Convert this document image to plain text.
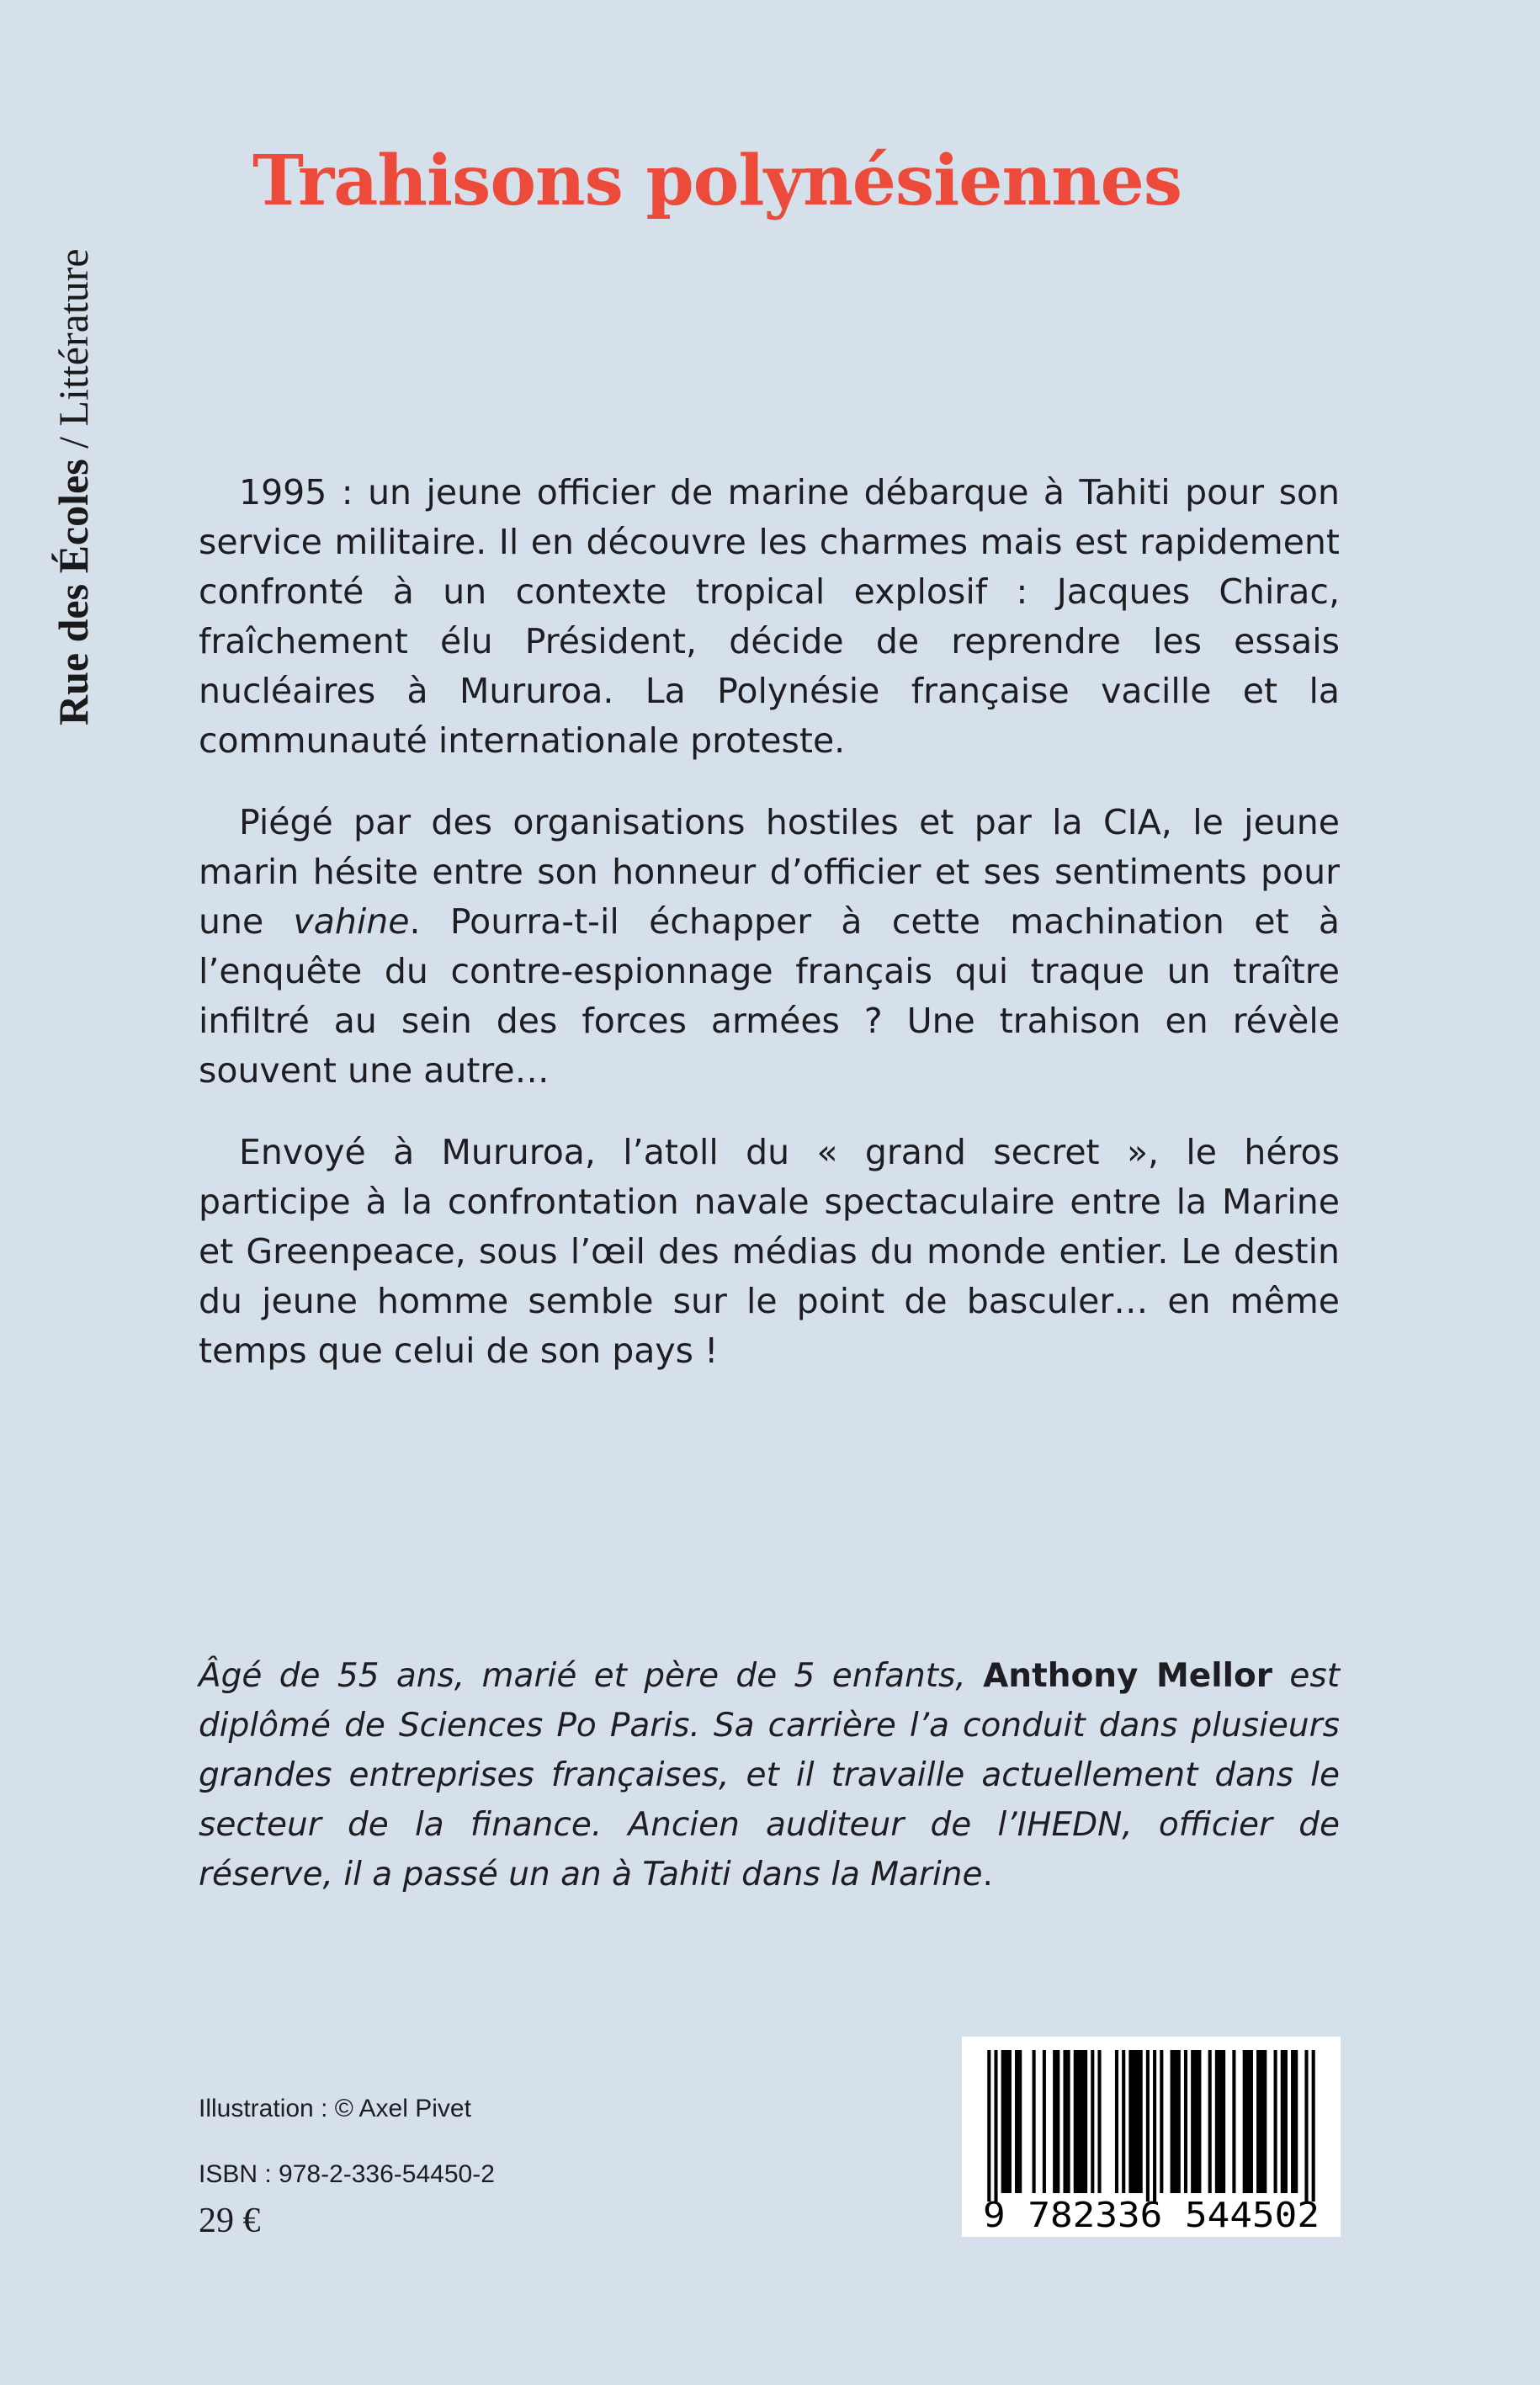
Rue des Écoles / Littérature
Trahisons polynésiennes

1995 : un jeune officier de marine débarque à Tahiti pour son service militaire. Il en découvre les charmes mais est rapidement confronté à un contexte tropical explosif : Jacques Chirac, fraîchement élu Président, décide de reprendre les essais nucléaires à Mururoa. La Polynésie française vacille et la communauté internationale proteste.

Piégé par des organisations hostiles et par la CIA, le jeune marin hésite entre son honneur d’officier et ses sentiments pour une vahine. Pourra-t-il échapper à cette machination et à l’enquête du contre-espionnage français qui traque un traître infiltré au sein des forces armées ? Une trahison en révèle souvent une autre…

Envoyé à Mururoa, l’atoll du « grand secret », le héros participe à la confrontation navale spectaculaire entre la Marine et Greenpeace, sous l’œil des médias du monde entier. Le destin du jeune homme semble sur le point de basculer… en même temps que celui de son pays !

Âgé de 55 ans, marié et père de 5 enfants, Anthony Mellor est diplômé de Sciences Po Paris. Sa carrière l’a conduit dans plusieurs grandes entreprises françaises, et il travaille actuellement dans le secteur de la finance. Ancien auditeur de l’IHEDN, officier de réserve, il a passé un an à Tahiti dans la Marine.

Illustration : © Axel Pivet
ISBN : 978-2-336-54450-2
29 €	9 782336 544502
